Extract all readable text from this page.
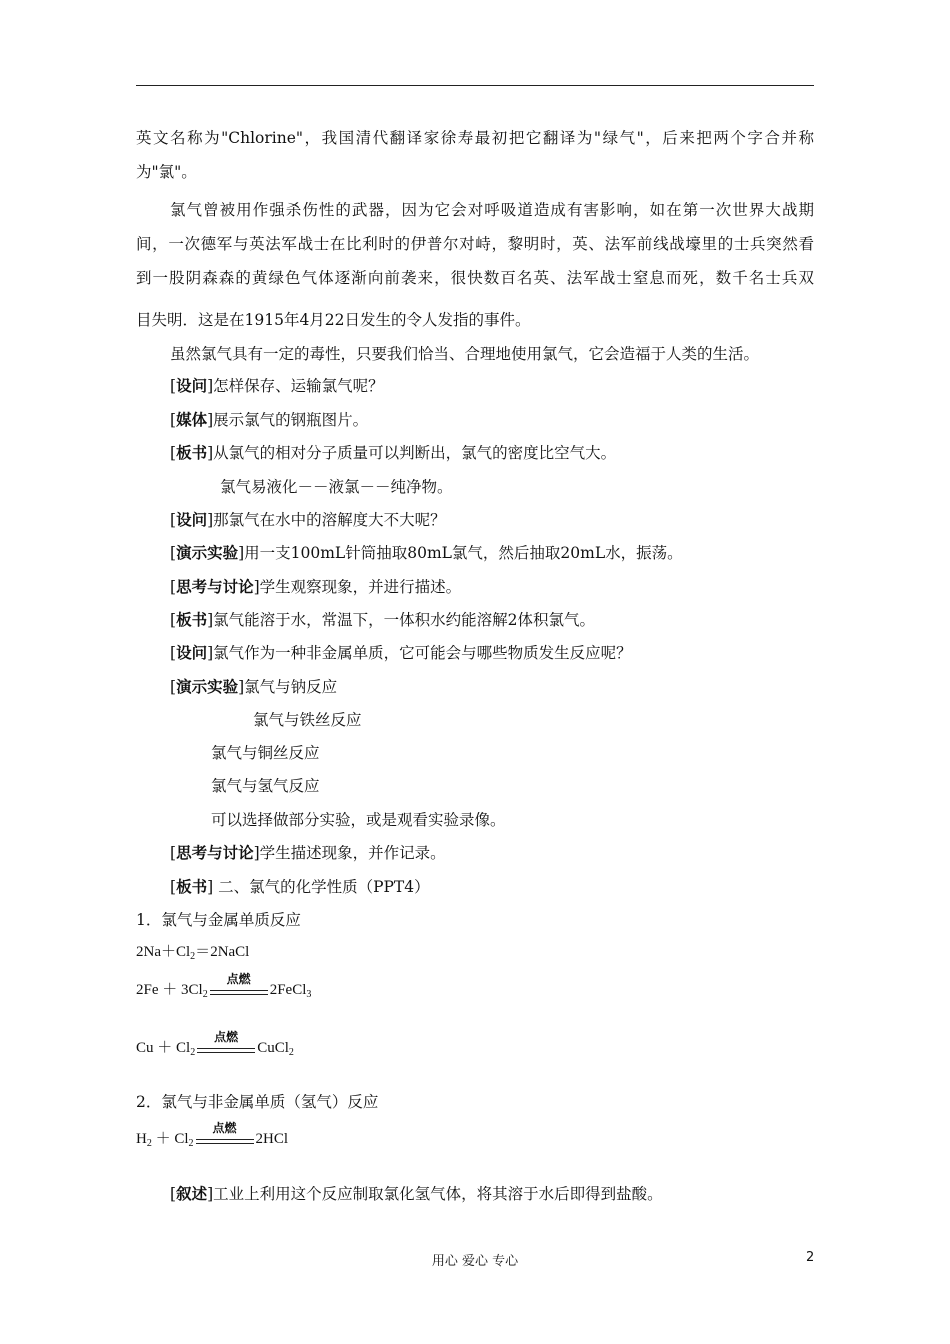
英文名称为"Chlorine"，我国清代翻译家徐寿最初把它翻译为"绿气"，后来把两个字合并称
为"氯"。
氯气曾被用作强杀伤性的武器，因为它会对呼吸道造成有害影响，如在第一次世界大战期
间，一次德军与英法军战士在比利时的伊普尔对峙，黎明时，英、法军前线战壕里的士兵突然看
到一股阴森森的黄绿色气体逐渐向前袭来，很快数百名英、法军战士窒息而死，数千名士兵双
目失明．这是在1915年4月22日发生的令人发指的事件。
虽然氯气具有一定的毒性，只要我们恰当、合理地使用氯气，它会造福于人类的生活。
[设问]怎样保存、运输氯气呢？
[媒体]展示氯气的钢瓶图片。
[板书]从氯气的相对分子质量可以判断出，氯气的密度比空气大。
氯气易液化－－液氯－－纯净物。
[设问]那氯气在水中的溶解度大不大呢？
[演示实验]用一支100mL针筒抽取80mL氯气，然后抽取20mL水，振荡。
[思考与讨论]学生观察现象，并进行描述。
[板书]氯气能溶于水，常温下，一体积水约能溶解2体积氯气。
[设问]氯气作为一种非金属单质，它可能会与哪些物质发生反应呢？
[演示实验]氯气与钠反应
氯气与铁丝反应
氯气与铜丝反应
氯气与氢气反应
可以选择做部分实验，或是观看实验录像。
[思考与讨论]学生描述现象，并作记录。
[板书] 二、氯气的化学性质（PPT4）
1．氯气与金属单质反应
$2Na+Cl_2=2NaCl$
$2Fe + 3Cl_2$
点燃
2FeCl$_3$
$Cu + Cl_2$
点燃
CuCl$_2$
2．氯气与非金属单质（氢气）反应
$H_2 + Cl_2$
点燃
2HCl
[叙述]工业上利用这个反应制取氯化氢气体，将其溶于水后即得到盐酸。
用心 爱心 专心	2
